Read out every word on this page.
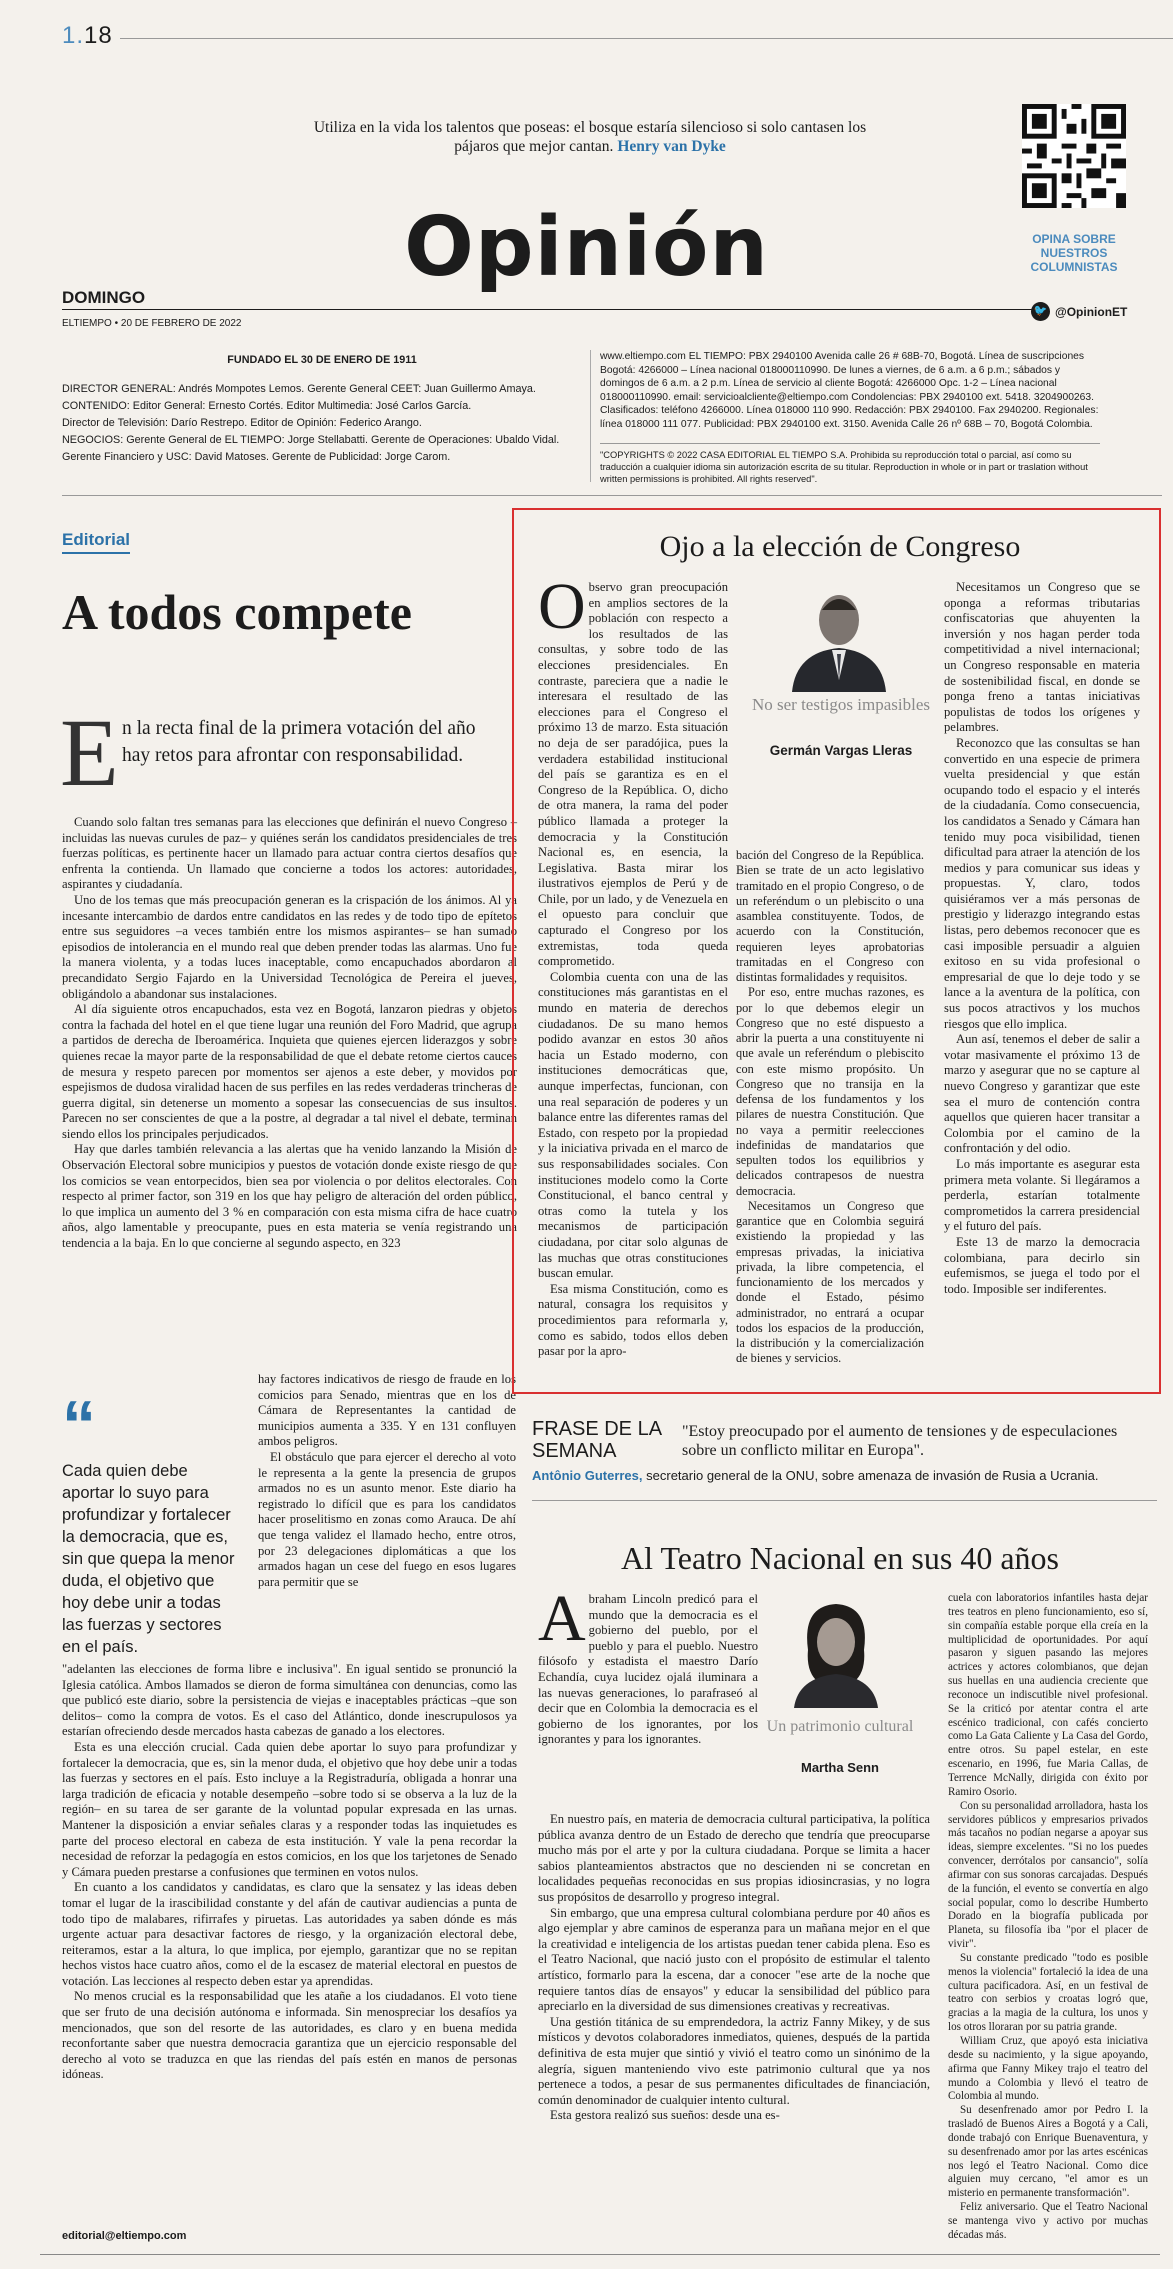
1.18
Utiliza en la vida los talentos que poseas: el bosque estaría silencioso si solo cantasen los pájaros que mejor cantan. Henry van Dyke
OPINA SOBRE NUESTROS COLUMNISTAS
Opinión
DOMINGO
ELTIEMPO • 20 DE FEBRERO DE 2022
🐦 @OpinionET
FUNDADO EL 30 DE ENERO DE 1911
DIRECTOR GENERAL: Andrés Mompotes Lemos. Gerente General CEET: Juan Guillermo Amaya.
CONTENIDO: Editor General: Ernesto Cortés. Editor Multimedia: José Carlos García.
Director de Televisión: Darío Restrepo. Editor de Opinión: Federico Arango.
NEGOCIOS: Gerente General de EL TIEMPO: Jorge Stellabatti. Gerente de Operaciones: Ubaldo Vidal.
Gerente Financiero y USC: David Matoses. Gerente de Publicidad: Jorge Carom.
www.eltiempo.com EL TIEMPO: PBX 2940100 Avenida calle 26 # 68B-70, Bogotá. Línea de suscripciones Bogotá: 4266000 – Línea nacional 018000110990. De lunes a viernes, de 6 a.m. a 6 p.m.; sábados y domingos de 6 a.m. a 2 p.m. Línea de servicio al cliente Bogotá: 4266000 Opc. 1-2 – Línea nacional 018000110990. email: servicioalcliente@eltiempo.com Condolencias: PBX 2940100 ext. 5418. 3204900263. Clasificados: teléfono 4266000. Línea 018000 110 990. Redacción: PBX 2940100. Fax 2940200. Regionales: línea 018000 111 077. Publicidad: PBX 2940100 ext. 3150. Avenida Calle 26 nº 68B – 70, Bogotá Colombia.
"COPYRIGHTS © 2022 CASA EDITORIAL EL TIEMPO S.A. Prohibida su reproducción total o parcial, así como su traducción a cualquier idioma sin autorización escrita de su titular. Reproduction in whole or in part or traslation without written permissions is prohibited. All rights reserved".
Editorial
A todos compete
E n la recta final de la primera votación del año hay retos para afrontar con responsabilidad.

Cuando solo faltan tres semanas para las elecciones que definirán el nuevo Congreso –incluidas las nuevas curules de paz– y quiénes serán los candidatos presidenciales de tres fuerzas políticas, es pertinente hacer un llamado para actuar contra ciertos desafíos que enfrenta la contienda. Un llamado que concierne a todos los actores: autoridades, aspirantes y ciudadanía.

Uno de los temas que más preocupación generan es la crispación de los ánimos. Al ya incesante intercambio de dardos entre candidatos en las redes y de todo tipo de epítetos entre sus seguidores –a veces también entre los mismos aspirantes– se han sumado episodios de intolerancia en el mundo real que deben prender todas las alarmas. Uno fue la manera violenta, y a todas luces inaceptable, como encapuchados abordaron al precandidato Sergio Fajardo en la Universidad Tecnológica de Pereira el jueves, obligándolo a abandonar sus instalaciones.

Al día siguiente otros encapuchados, esta vez en Bogotá, lanzaron piedras y objetos contra la fachada del hotel en el que tiene lugar una reunión del Foro Madrid, que agrupa a partidos de derecha de Iberoamérica. Inquieta que quienes ejercen liderazgos y sobre quienes recae la mayor parte de la responsabilidad de que el debate retome ciertos cauces de mesura y respeto parecen por momentos ser ajenos a este deber, y movidos por espejismos de dudosa viralidad hacen de sus perfiles en las redes verdaderas trincheras de guerra digital, sin detenerse un momento a sopesar las consecuencias de sus insultos. Parecen no ser conscientes de que a la postre, al degradar a tal nivel el debate, terminan siendo ellos los principales perjudicados.

Hay que darles también relevancia a las alertas que ha venido lanzando la Misión de Observación Electoral sobre municipios y puestos de votación donde existe riesgo de que los comicios se vean entorpecidos, bien sea por violencia o por delitos electorales. Con respecto al primer factor, son 319 en los que hay peligro de alteración del orden público, lo que implica un aumento del 3 % en comparación con esta misma cifra de hace cuatro años, algo lamentable y preocupante, pues en esta materia se venía registrando una tendencia a la baja. En lo que concierne al segundo aspecto, en 323

“
Cada quien debe aportar lo suyo para profundizar y fortalecer la democracia, que es, sin que quepa la menor duda, el objetivo que hoy debe unir a todas las fuerzas y sectores en el país.

hay factores indicativos de riesgo de fraude en los comicios para Senado, mientras que en los de Cámara de Representantes la cantidad de municipios aumenta a 335. Y en 131 confluyen ambos peligros.

El obstáculo que para ejercer el derecho al voto le representa a la gente la presencia de grupos armados no es un asunto menor. Este diario ha registrado lo difícil que es para los candidatos hacer proselitismo en zonas como Arauca. De ahí que tenga validez el llamado hecho, entre otros, por 23 delegaciones diplomáticas a que los armados hagan un cese del fuego en esos lugares para permitir que se

"adelanten las elecciones de forma libre e inclusiva". En igual sentido se pronunció la Iglesia católica. Ambos llamados se dieron de forma simultánea con denuncias, como las que publicó este diario, sobre la persistencia de viejas e inaceptables prácticas –que son delitos– como la compra de votos. Es el caso del Atlántico, donde inescrupulosos ya estarían ofreciendo desde mercados hasta cabezas de ganado a los electores.

Esta es una elección crucial. Cada quien debe aportar lo suyo para profundizar y fortalecer la democracia, que es, sin la menor duda, el objetivo que hoy debe unir a todas las fuerzas y sectores en el país. Esto incluye a la Registraduría, obligada a honrar una larga tradición de eficacia y notable desempeño –sobre todo si se observa a la luz de la región– en su tarea de ser garante de la voluntad popular expresada en las urnas. Mantener la disposición a enviar señales claras y a responder todas las inquietudes es parte del proceso electoral en cabeza de esta institución. Y vale la pena recordar la necesidad de reforzar la pedagogía en estos comicios, en los que los tarjetones de Senado y Cámara pueden prestarse a confusiones que terminen en votos nulos.

En cuanto a los candidatos y candidatas, es claro que la sensatez y las ideas deben tomar el lugar de la irascibilidad constante y del afán de cautivar audiencias a punta de todo tipo de malabares, rifirrafes y piruetas. Las autoridades ya saben dónde es más urgente actuar para desactivar factores de riesgo, y la organización electoral debe, reiteramos, estar a la altura, lo que implica, por ejemplo, garantizar que no se repitan hechos vistos hace cuatro años, como el de la escasez de material electoral en puestos de votación. Las lecciones al respecto deben estar ya aprendidas.

No menos crucial es la responsabilidad que les atañe a los ciudadanos. El voto tiene que ser fruto de una decisión autónoma e informada. Sin menospreciar los desafíos ya mencionados, que son del resorte de las autoridades, es claro y en buena medida reconfortante saber que nuestra democracia garantiza que un ejercicio responsable del derecho al voto se traduzca en que las riendas del país estén en manos de personas idóneas.

editorial@eltiempo.com
Ojo a la elección de Congreso

Observo gran preocupación en amplios sectores de la población con respecto a los resultados de las consultas, y sobre todo de las elecciones presidenciales. En contraste, pareciera que a nadie le interesara el resultado de las elecciones para el Congreso el próximo 13 de marzo. Esta situación no deja de ser paradójica, pues la verdadera estabilidad institucional del país se garantiza es en el Congreso de la República. O, dicho de otra manera, la rama del poder público llamada a proteger la democracia y la Constitución Nacional es, en esencia, la Legislativa. Basta mirar los ilustrativos ejemplos de Perú y de Chile, por un lado, y de Venezuela en el opuesto para concluir que capturado el Congreso por los extremistas, toda queda comprometido.

Colombia cuenta con una de las constituciones más garantistas en el mundo en materia de derechos ciudadanos. De su mano hemos podido avanzar en estos 30 años hacia un Estado moderno, con instituciones democráticas que, aunque imperfectas, funcionan, con una real separación de poderes y un balance entre las diferentes ramas del Estado, con respeto por la propiedad y la iniciativa privada en el marco de sus responsabilidades sociales. Con instituciones modelo como la Corte Constitucional, el banco central y otras como la tutela y los mecanismos de participación ciudadana, por citar solo algunas de las muchas que otras constituciones buscan emular.

Esa misma Constitución, como es natural, consagra los requisitos y procedimientos para reformarla y, como es sabido, todos ellos deben pasar por la apro-

No ser testigos impasibles
Germán Vargas Lleras

bación del Congreso de la República. Bien se trate de un acto legislativo tramitado en el propio Congreso, o de un referéndum o un plebiscito o una asamblea constituyente. Todos, de acuerdo con la Constitución, requieren leyes aprobatorias tramitadas en el Congreso con distintas formalidades y requisitos.

Por eso, entre muchas razones, es por lo que debemos elegir un Congreso que no esté dispuesto a abrir la puerta a una constituyente ni que avale un referéndum o plebiscito con este mismo propósito. Un Congreso que no transija en la defensa de los fundamentos y los pilares de nuestra Constitución. Que no vaya a permitir reelecciones indefinidas de mandatarios que sepulten todos los equilibrios y delicados contrapesos de nuestra democracia.

Necesitamos un Congreso que garantice que en Colombia seguirá existiendo la propiedad y las empresas privadas, la iniciativa privada, la libre competencia, el funcionamiento de los mercados y donde el Estado, pésimo administrador, no entrará a ocupar todos los espacios de la producción, la distribución y la comercialización de bienes y servicios.

Necesitamos un Congreso que se oponga a reformas tributarias confiscatorias que ahuyenten la inversión y nos hagan perder toda competitividad a nivel internacional; un Congreso responsable en materia de sostenibilidad fiscal, en donde se ponga freno a tantas iniciativas populistas de todos los orígenes y pelambres.

Reconozco que las consultas se han convertido en una especie de primera vuelta presidencial y que están ocupando todo el espacio y el interés de la ciudadanía. Como consecuencia, los candidatos a Senado y Cámara han tenido muy poca visibilidad, tienen dificultad para atraer la atención de los medios y para comunicar sus ideas y propuestas. Y, claro, todos quisiéramos ver a más personas de prestigio y liderazgo integrando estas listas, pero debemos reconocer que es casi imposible persuadir a alguien exitoso en su vida profesional o empresarial de que lo deje todo y se lance a la aventura de la política, con sus pocos atractivos y los muchos riesgos que ello implica.

Aun así, tenemos el deber de salir a votar masivamente el próximo 13 de marzo y asegurar que no se capture al nuevo Congreso y garantizar que este sea el muro de contención contra aquellos que quieren hacer transitar a Colombia por el camino de la confrontación y del odio.

Lo más importante es asegurar esta primera meta volante. Si llegáramos a perderla, estarían totalmente comprometidos la carrera presidencial y el futuro del país.

Este 13 de marzo la democracia colombiana, para decirlo sin eufemismos, se juega el todo por el todo. Imposible ser indiferentes.

FRASE DE LA SEMANA
"Estoy preocupado por el aumento de tensiones y de especulaciones sobre un conflicto militar en Europa".
Antônio Guterres, secretario general de la ONU, sobre amenaza de invasión de Rusia a Ucrania.
Al Teatro Nacional en sus 40 años

Abraham Lincoln predicó para el mundo que la democracia es el gobierno del pueblo, por el pueblo y para el pueblo. Nuestro filósofo y estadista el maestro Darío Echandía, cuya lucidez ojalá iluminara a las nuevas generaciones, lo parafraseó al decir que en Colombia la democracia es el gobierno de los ignorantes, por los ignorantes y para los ignorantes.

Un patrimonio cultural
Martha Senn

En nuestro país, en materia de democracia cultural participativa, la política pública avanza dentro de un Estado de derecho que tendría que preocuparse mucho más por el arte y por la cultura ciudadana. Porque se limita a hacer sabios planteamientos abstractos que no descienden ni se concretan en localidades pequeñas reconocidas en sus propias idiosincrasias, y no logra sus propósitos de desarrollo y progreso integral.

Sin embargo, que una empresa cultural colombiana perdure por 40 años es algo ejemplar y abre caminos de esperanza para un mañana mejor en el que la creatividad e inteligencia de los artistas puedan tener cabida plena. Eso es el Teatro Nacional, que nació justo con el propósito de estimular el talento artístico, formarlo para la escena, dar a conocer "ese arte de la noche que requiere tantos días de ensayos" y educar la sensibilidad del público para apreciarlo en la diversidad de sus dimensiones creativas y recreativas.

Una gestión titánica de su emprendedora, la actriz Fanny Mikey, y de sus místicos y devotos colaboradores inmediatos, quienes, después de la partida definitiva de esta mujer que sintió y vivió el teatro como un sinónimo de la alegría, siguen manteniendo vivo este patrimonio cultural que ya nos pertenece a todos, a pesar de sus permanentes dificultades de financiación, común denominador de cualquier intento cultural.

Esta gestora realizó sus sueños: desde una es-

cuela con laboratorios infantiles hasta dejar tres teatros en pleno funcionamiento, eso sí, sin compañía estable porque ella creía en la multiplicidad de oportunidades. Por aquí pasaron y siguen pasando las mejores actrices y actores colombianos, que dejan sus huellas en una audiencia creciente que reconoce un indiscutible nivel profesional. Se la criticó por atentar contra el arte escénico tradicional, con cafés concierto como La Gata Caliente y La Casa del Gordo, entre otros. Su papel estelar, en este escenario, en 1996, fue Maria Callas, de Terrence McNally, dirigida con éxito por Ramiro Osorio.

Con su personalidad arrolladora, hasta los servidores públicos y empresarios privados más tacaños no podían negarse a apoyar sus ideas, siempre excelentes. "Si no los puedes convencer, derrótalos por cansancio", solía afirmar con sus sonoras carcajadas. Después de la función, el evento se convertía en algo social popular, como lo describe Humberto Dorado en la biografía publicada por Planeta, su filosofía iba "por el placer de vivir".

Su constante predicado "todo es posible menos la violencia" fortaleció la idea de una cultura pacificadora. Así, en un festival de teatro con serbios y croatas logró que, gracias a la magia de la cultura, los unos y los otros lloraran por su patria grande.

William Cruz, que apoyó esta iniciativa desde su nacimiento, y la sigue apoyando, afirma que Fanny Mikey trajo el teatro del mundo a Colombia y llevó el teatro de Colombia al mundo.

Su desenfrenado amor por Pedro I. la trasladó de Buenos Aires a Bogotá y a Cali, donde trabajó con Enrique Buenaventura, y su desenfrenado amor por las artes escénicas nos legó el Teatro Nacional. Como dice alguien muy cercano, "el amor es un misterio en permanente transformación".

Feliz aniversario. Que el Teatro Nacional se mantenga vivo y activo por muchas décadas más.
